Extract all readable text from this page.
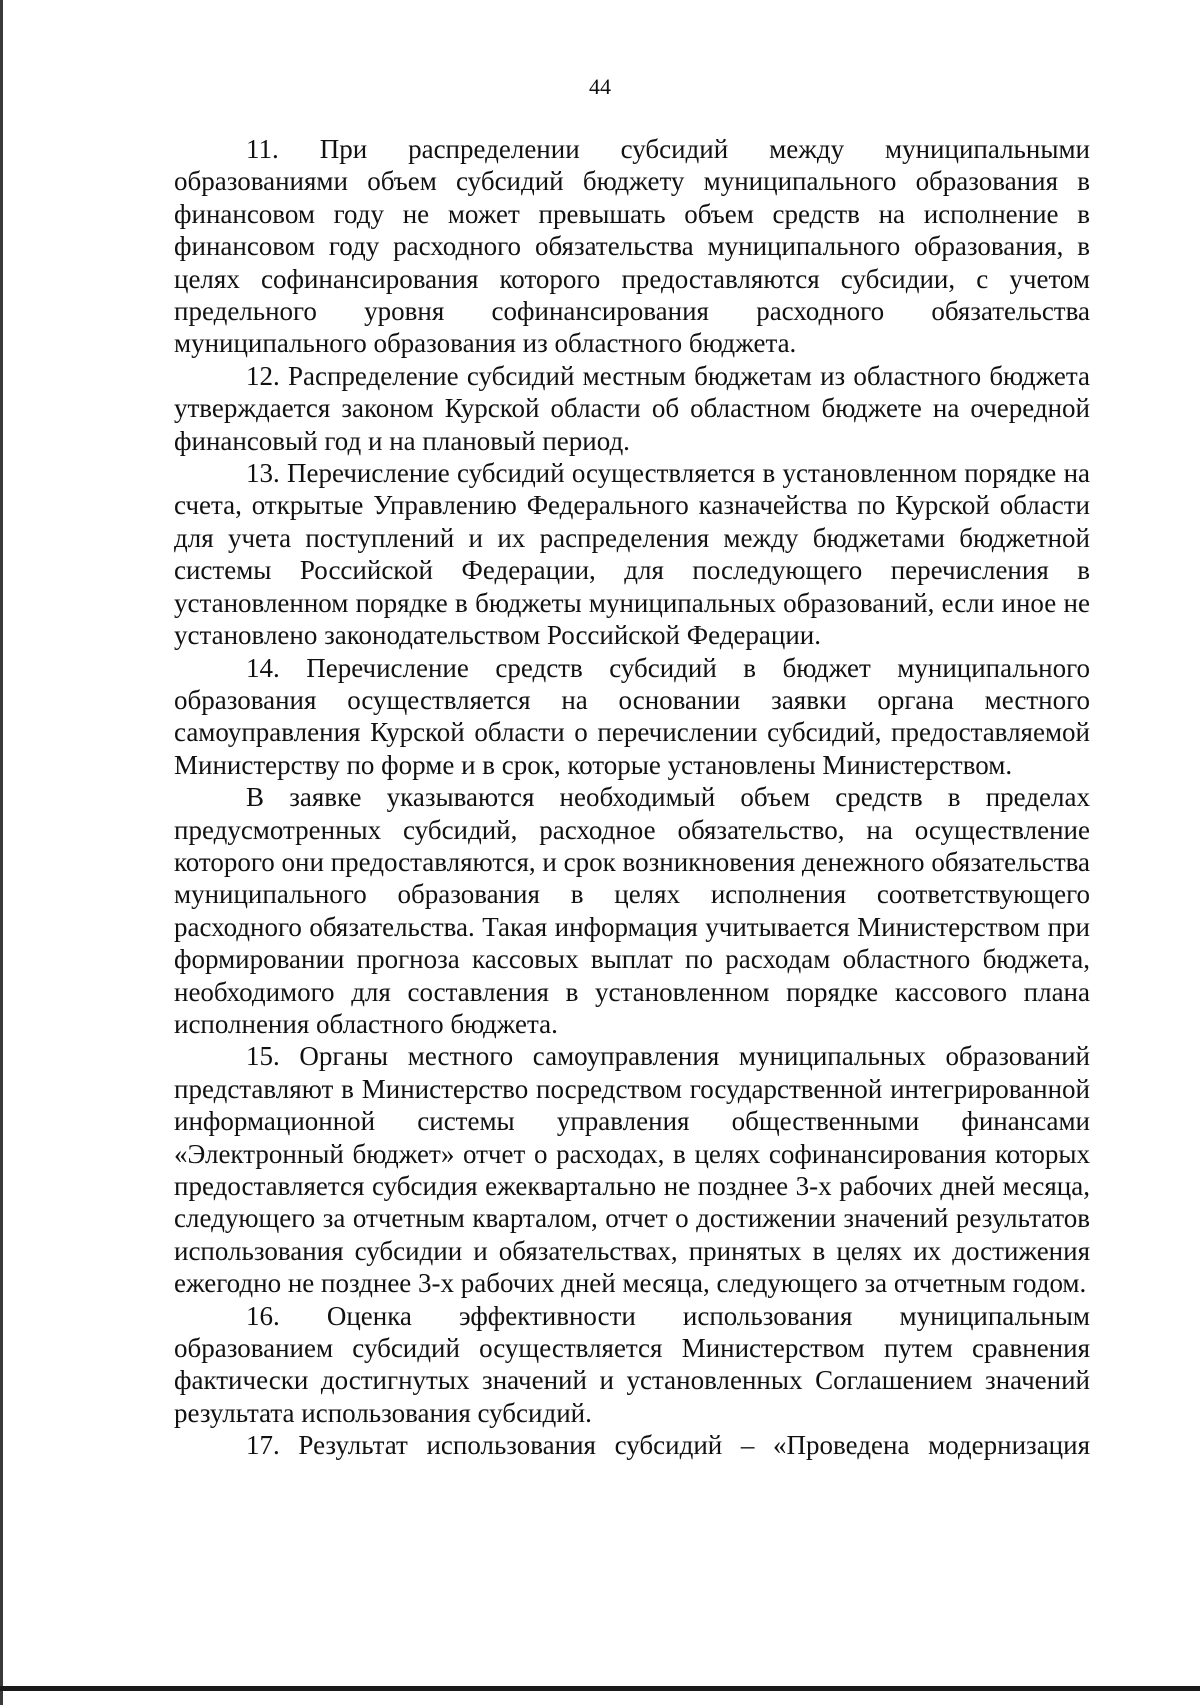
44

11. При распределении субсидий между муниципальными образованиями объем субсидий бюджету муниципального образования в финансовом году не может превышать объем средств на исполнение в финансовом году расходного обязательства муниципального образования, в целях софинансирования которого предоставляются субсидии, с учетом предельного уровня софинансирования расходного обязательства муниципального образования из областного бюджета.

12. Распределение субсидий местным бюджетам из областного бюджета утверждается законом Курской области об областном бюджете на очередной финансовый год и на плановый период.

13. Перечисление субсидий осуществляется в установленном порядке на счета, открытые Управлению Федерального казначейства по Курской области для учета поступлений и их распределения между бюджетами бюджетной системы Российской Федерации, для последующего перечисления в установленном порядке в бюджеты муниципальных образований, если иное не установлено законодательством Российской Федерации.

14. Перечисление средств субсидий в бюджет муниципального образования осуществляется на основании заявки органа местного самоуправления Курской области о перечислении субсидий, предоставляемой Министерству по форме и в срок, которые установлены Министерством.

В заявке указываются необходимый объем средств в пределах предусмотренных субсидий, расходное обязательство, на осуществление которого они предоставляются, и срок возникновения денежного обязательства муниципального образования в целях исполнения соответствующего расходного обязательства. Такая информация учитывается Министерством при формировании прогноза кассовых выплат по расходам областного бюджета, необходимого для составления в установленном порядке кассового плана исполнения областного бюджета.

15. Органы местного самоуправления муниципальных образований представляют в Министерство посредством государственной интегрированной информационной системы управления общественными финансами «Электронный бюджет» отчет о расходах, в целях софинансирования которых предоставляется субсидия ежеквартально не позднее 3-х рабочих дней месяца, следующего за отчетным кварталом, отчет о достижении значений результатов использования субсидии и обязательствах, принятых в целях их достижения ежегодно не позднее 3-х рабочих дней месяца, следующего за отчетным годом.

16. Оценка эффективности использования муниципальным образованием субсидий осуществляется Министерством путем сравнения фактически достигнутых значений и установленных Соглашением значений результата использования субсидий.

17. Результат использования субсидий – «Проведена модернизация
